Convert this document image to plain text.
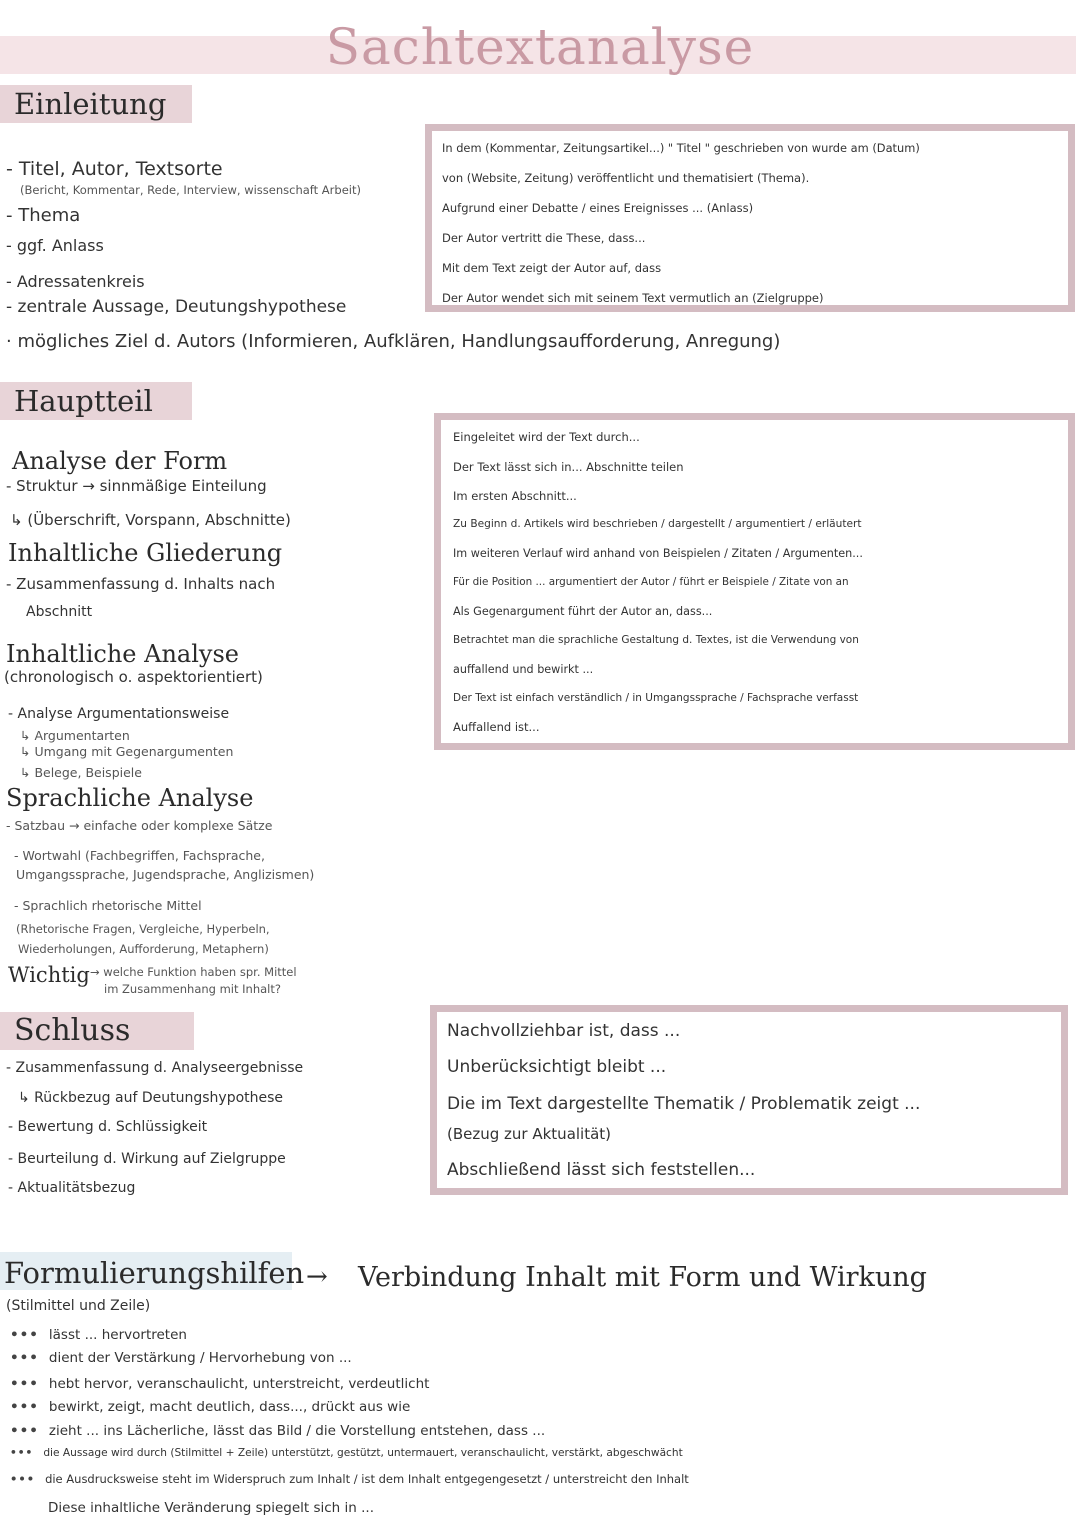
Sachtextanalyse
Einleitung
- Titel, Autor, Textsorte
(Bericht, Kommentar, Rede, Interview, wissenschaft Arbeit)
- Thema
- ggf. Anlass
- Adressatenkreis
- zentrale Aussage, Deutungshypothese
· mögliches Ziel d. Autors (Informieren, Aufklären, Handlungsaufforderung, Anregung)
In dem (Kommentar, Zeitungsartikel...) " Titel " geschrieben von wurde am (Datum)
von (Website, Zeitung) veröffentlicht und thematisiert (Thema).
Aufgrund einer Debatte / eines Ereignisses ... (Anlass)
Der Autor vertritt die These, dass...
Mit dem Text zeigt der Autor auf, dass
Der Autor wendet sich mit seinem Text vermutlich an (Zielgruppe)
Hauptteil
Analyse der Form
- Struktur → sinnmäßige Einteilung
↳ (Überschrift, Vorspann, Abschnitte)
Inhaltliche Gliederung
- Zusammenfassung d. Inhalts nach
Abschnitt
Inhaltliche Analyse
(chronologisch o. aspektorientiert)
- Analyse Argumentationsweise
↳ Argumentarten
↳ Umgang mit Gegenargumenten
↳ Belege, Beispiele
Sprachliche Analyse
- Satzbau → einfache oder komplexe Sätze
- Wortwahl (Fachbegriffen, Fachsprache,
Umgangssprache, Jugendsprache, Anglizismen)
- Sprachlich rhetorische Mittel
(Rhetorische Fragen, Vergleiche, Hyperbeln,
Wiederholungen, Aufforderung, Metaphern)
Wichtig → welche Funktion haben spr. Mittel
im Zusammenhang mit Inhalt?
Eingeleitet wird der Text durch...
Der Text lässt sich in... Abschnitte teilen
Im ersten Abschnitt...
Zu Beginn d. Artikels wird beschrieben / dargestellt / argumentiert / erläutert
Im weiteren Verlauf wird anhand von Beispielen / Zitaten / Argumenten...
Für die Position ... argumentiert der Autor / führt er Beispiele / Zitate von an
Als Gegenargument führt der Autor an, dass...
Betrachtet man die sprachliche Gestaltung d. Textes, ist die Verwendung von
auffallend und bewirkt ...
Der Text ist einfach verständlich / in Umgangssprache / Fachsprache verfasst
Auffallend ist...
Schluss
- Zusammenfassung d. Analyseergebnisse
↳ Rückbezug auf Deutungshypothese
- Bewertung d. Schlüssigkeit
- Beurteilung d. Wirkung auf Zielgruppe
- Aktualitätsbezug
Nachvollziehbar ist, dass ...
Unberücksichtigt bleibt ...
Die im Text dargestellte Thematik / Problematik zeigt ...
(Bezug zur Aktualität)
Abschließend lässt sich feststellen...
Formulierungshilfen → Verbindung Inhalt mit Form und Wirkung
(Stilmittel und Zeile)
••• lässt ... hervortreten
••• dient der Verstärkung / Hervorhebung von ...
••• hebt hervor, veranschaulicht, unterstreicht, verdeutlicht
••• bewirkt, zeigt, macht deutlich, dass..., drückt aus wie
••• zieht ... ins Lächerliche, lässt das Bild / die Vorstellung entstehen, dass ...
••• die Aussage wird durch (Stilmittel + Zeile) unterstützt, gestützt, untermauert, veranschaulicht, verstärkt, abgeschwächt
••• die Ausdrucksweise steht im Widerspruch zum Inhalt / ist dem Inhalt entgegengesetzt / unterstreicht den Inhalt
Diese inhaltliche Veränderung spiegelt sich in ...
